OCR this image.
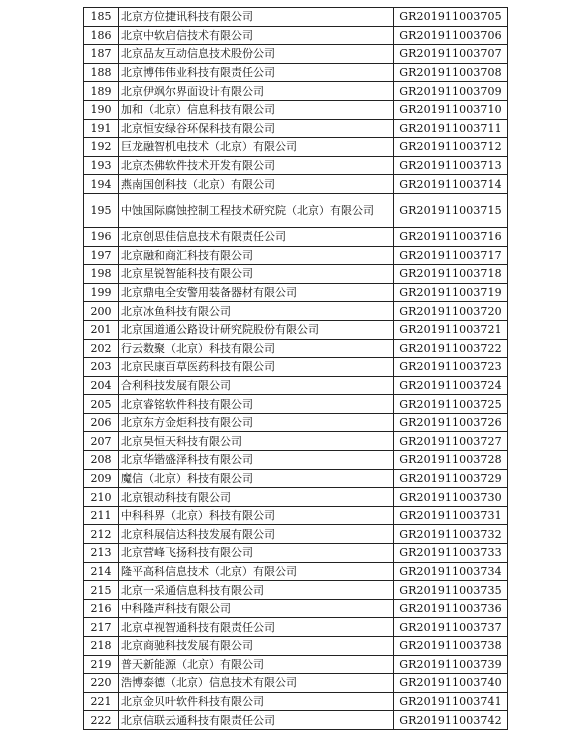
185	北京方位捷讯科技有限公司	GR201911003705
186	北京中软启信技术有限公司	GR201911003706
187	北京品友互动信息技术股份公司	GR201911003707
188	北京博伟伟业科技有限责任公司	GR201911003708
189	北京伊飒尔界面设计有限公司	GR201911003709
190	加和（北京）信息科技有限公司	GR201911003710
191	北京恒安绿谷环保科技有限公司	GR201911003711
192	巨龙融智机电技术（北京）有限公司	GR201911003712
193	北京杰佛软件技术开发有限公司	GR201911003713
194	燕南国创科技（北京）有限公司	GR201911003714
195	中蚀国际腐蚀控制工程技术研究院（北京）有限公司	GR201911003715
196	北京创思佳信息技术有限责任公司	GR201911003716
197	北京融和商汇科技有限公司	GR201911003717
198	北京星锐智能科技有限公司	GR201911003718
199	北京鼎电全安警用装备器材有限公司	GR201911003719
200	北京冰鱼科技有限公司	GR201911003720
201	北京国道通公路设计研究院股份有限公司	GR201911003721
202	行云数聚（北京）科技有限公司	GR201911003722
203	北京民康百草医药科技有限公司	GR201911003723
204	合利科技发展有限公司	GR201911003724
205	北京睿铭软件科技有限公司	GR201911003725
206	北京东方金炬科技有限公司	GR201911003726
207	北京昊恒天科技有限公司	GR201911003727
208	北京华锴盛泽科技有限公司	GR201911003728
209	魔信（北京）科技有限公司	GR201911003729
210	北京银动科技有限公司	GR201911003730
211	中科科界（北京）科技有限公司	GR201911003731
212	北京科展信达科技发展有限公司	GR201911003732
213	北京营峰飞扬科技有限公司	GR201911003733
214	隆平高科信息技术（北京）有限公司	GR201911003734
215	北京一采通信息科技有限公司	GR201911003735
216	中科隆声科技有限公司	GR201911003736
217	北京卓视智通科技有限责任公司	GR201911003737
218	北京商驰科技发展有限公司	GR201911003738
219	普天新能源（北京）有限公司	GR201911003739
220	浩博泰德（北京）信息技术有限公司	GR201911003740
221	北京金贝叶软件科技有限公司	GR201911003741
222	北京信联云通科技有限责任公司	GR201911003742
